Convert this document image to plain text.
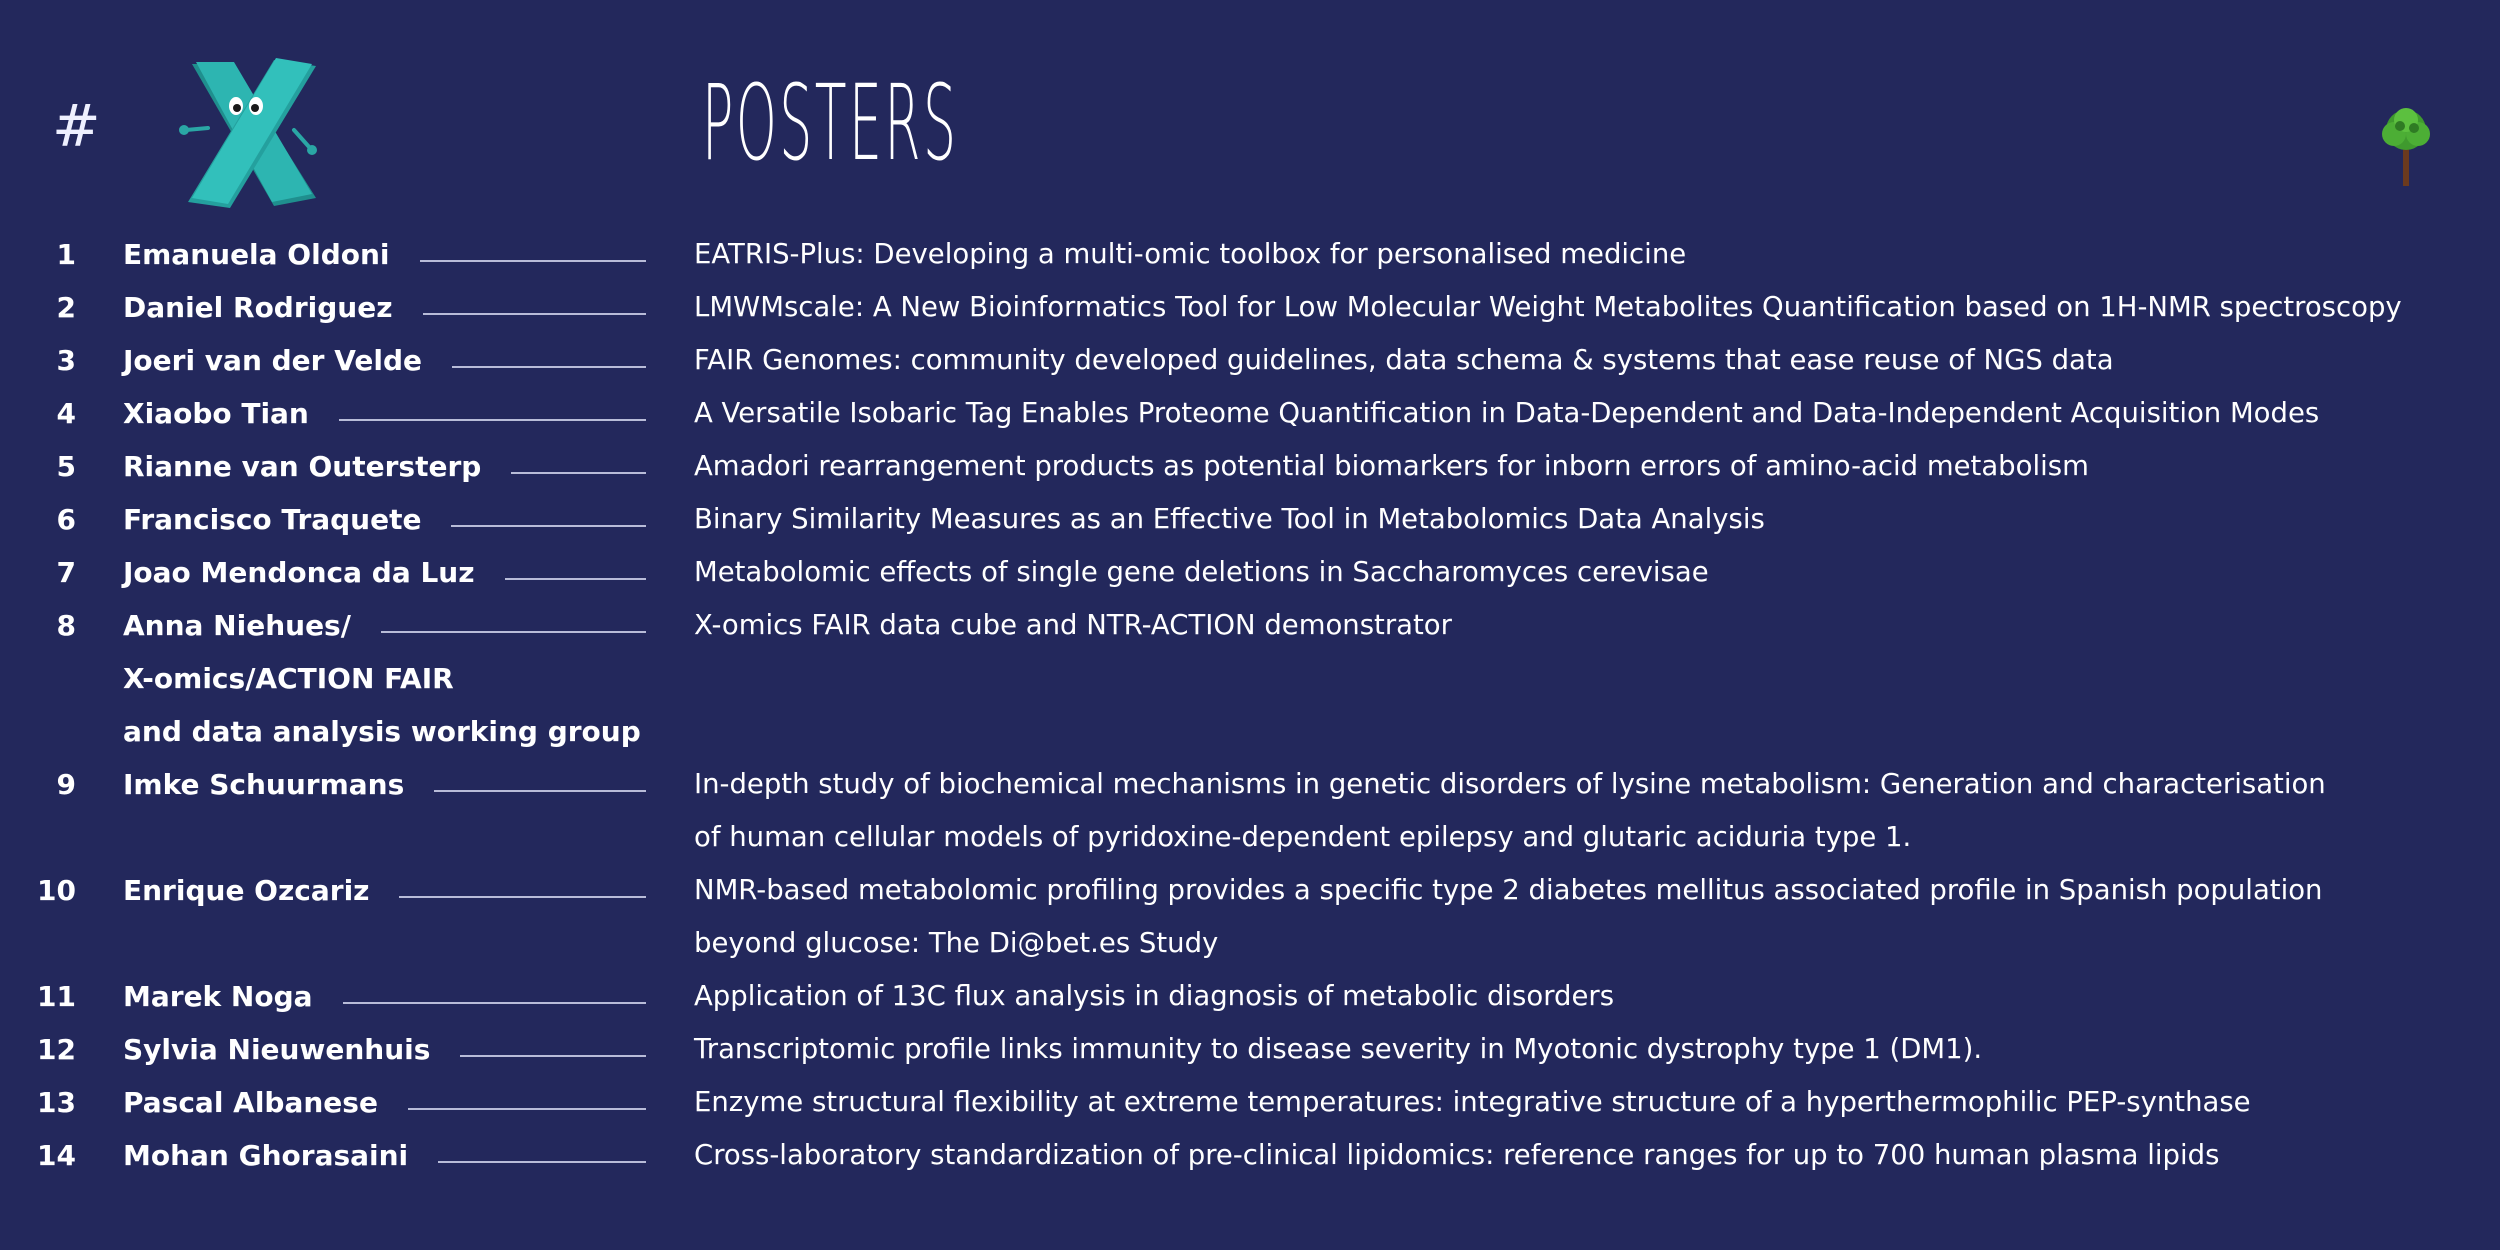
#	POSTERS
1 Emanuela Oldoni	EATRIS-Plus: Developing a multi-omic toolbox for personalised medicine
2 Daniel Rodriguez	LMWMscale: A New Bioinformatics Tool for Low Molecular Weight Metabolites Quantification based on 1H-NMR spectroscopy
3 Joeri van der Velde	FAIR Genomes: community developed guidelines, data schema & systems that ease reuse of NGS data
4 Xiaobo Tian	A Versatile Isobaric Tag Enables Proteome Quantification in Data-Dependent and Data-Independent Acquisition Modes
5 Rianne van Outersterp	Amadori rearrangement products as potential biomarkers for inborn errors of amino-acid metabolism
6 Francisco Traquete	Binary Similarity Measures as an Effective Tool in Metabolomics Data Analysis
7 Joao Mendonca da Luz	Metabolomic effects of single gene deletions in Saccharomyces cerevisae
8 Anna Niehues/	X-omics FAIR data cube and NTR-ACTION demonstrator
X-omics/ACTION FAIR
and data analysis working group
9 Imke Schuurmans	In-depth study of biochemical mechanisms in genetic disorders of lysine metabolism: Generation and characterisation
of human cellular models of pyridoxine-dependent epilepsy and glutaric aciduria type 1.
10 Enrique Ozcariz	NMR-based metabolomic profiling provides a specific type 2 diabetes mellitus associated profile in Spanish population
beyond glucose: The Di@bet.es Study
11 Marek Noga	Application of 13C flux analysis in diagnosis of metabolic disorders
12 Sylvia Nieuwenhuis	Transcriptomic profile links immunity to disease severity in Myotonic dystrophy type 1 (DM1).
13 Pascal Albanese	Enzyme structural flexibility at extreme temperatures: integrative structure of a hyperthermophilic PEP-synthase
14 Mohan Ghorasaini	Cross-laboratory standardization of pre-clinical lipidomics: reference ranges for up to 700 human plasma lipids
